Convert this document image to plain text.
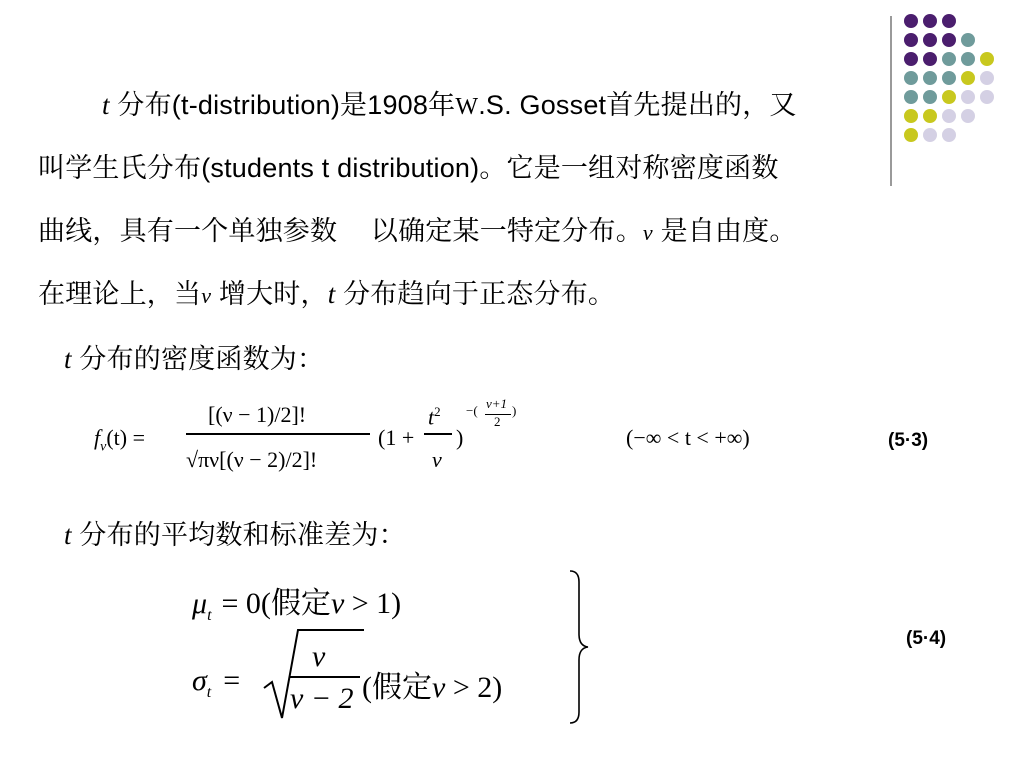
t 分布(t-distribution)是1908年W.S. Gosset首先提出的，又
叫学生氏分布(students t distribution)。它是一组对称密度函数
曲线，具有一个单独参数 以确定某一特定分布。ν 是自由度。
在理论上，当ν 增大时，t 分布趋向于正态分布。
t 分布的密度函数为：
$f_\nu(t)$ =
[(ν − 1)/2]!
√πν[(ν − 2)/2]!
(1 +
$t^2$
ν
)
−( ν+1
2
)
(−∞ < t < +∞)	(5·3)
t 分布的平均数和标准差为：
$\mu_t = 0$(假定ν > 1)
$\sigma_t$ =
ν
ν − 2 (假定ν > 2)
(5·4)
